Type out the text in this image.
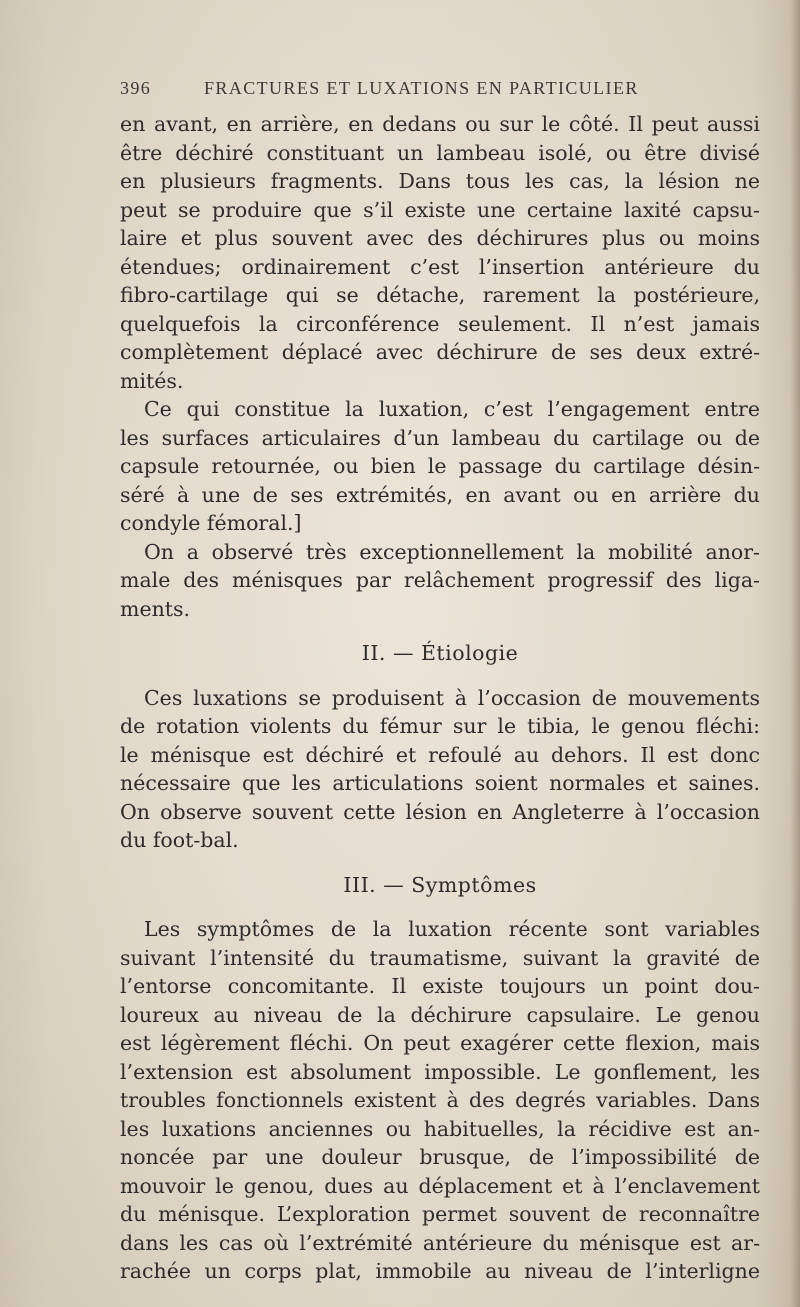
396	FRACTURES ET LUXATIONS EN PARTICULIER
en avant, en arrière, en dedans ou sur le côté. Il peut aussi
être déchiré constituant un lambeau isolé, ou être divisé
en plusieurs fragments. Dans tous les cas, la lésion ne
peut se produire que s’il existe une certaine laxité capsu-
laire et plus souvent avec des déchirures plus ou moins
étendues; ordinairement c’est l’insertion antérieure du
fibro-cartilage qui se détache, rarement la postérieure,
quelquefois la circonférence seulement. Il n’est jamais
complètement déplacé avec déchirure de ses deux extré-
mités.
Ce qui constitue la luxation, c’est l’engagement entre
les surfaces articulaires d’un lambeau du cartilage ou de
capsule retournée, ou bien le passage du cartilage désin-
séré à une de ses extrémités, en avant ou en arrière du
condyle fémoral.]
On a observé très exceptionnellement la mobilité anor-
male des ménisques par relâchement progressif des liga-
ments.
II. — Étiologie
Ces luxations se produisent à l’occasion de mouvements
de rotation violents du fémur sur le tibia, le genou fléchi:
le ménisque est déchiré et refoulé au dehors. Il est donc
nécessaire que les articulations soient normales et saines.
On observe souvent cette lésion en Angleterre à l’occasion
du foot-bal.
III. — Symptômes
Les symptômes de la luxation récente sont variables
suivant l’intensité du traumatisme, suivant la gravité de
l’entorse concomitante. Il existe toujours un point dou-
loureux au niveau de la déchirure capsulaire. Le genou
est légèrement fléchi. On peut exagérer cette flexion, mais
l’extension est absolument impossible. Le gonflement, les
troubles fonctionnels existent à des degrés variables. Dans
les luxations anciennes ou habituelles, la récidive est an-
noncée par une douleur brusque, de l’impossibilité de
mouvoir le genou, dues au déplacement et à l’enclavement
du ménisque. L’exploration permet souvent de reconnaître
dans les cas où l’extrémité antérieure du ménisque est ar-
rachée un corps plat, immobile au niveau de l’interligne
